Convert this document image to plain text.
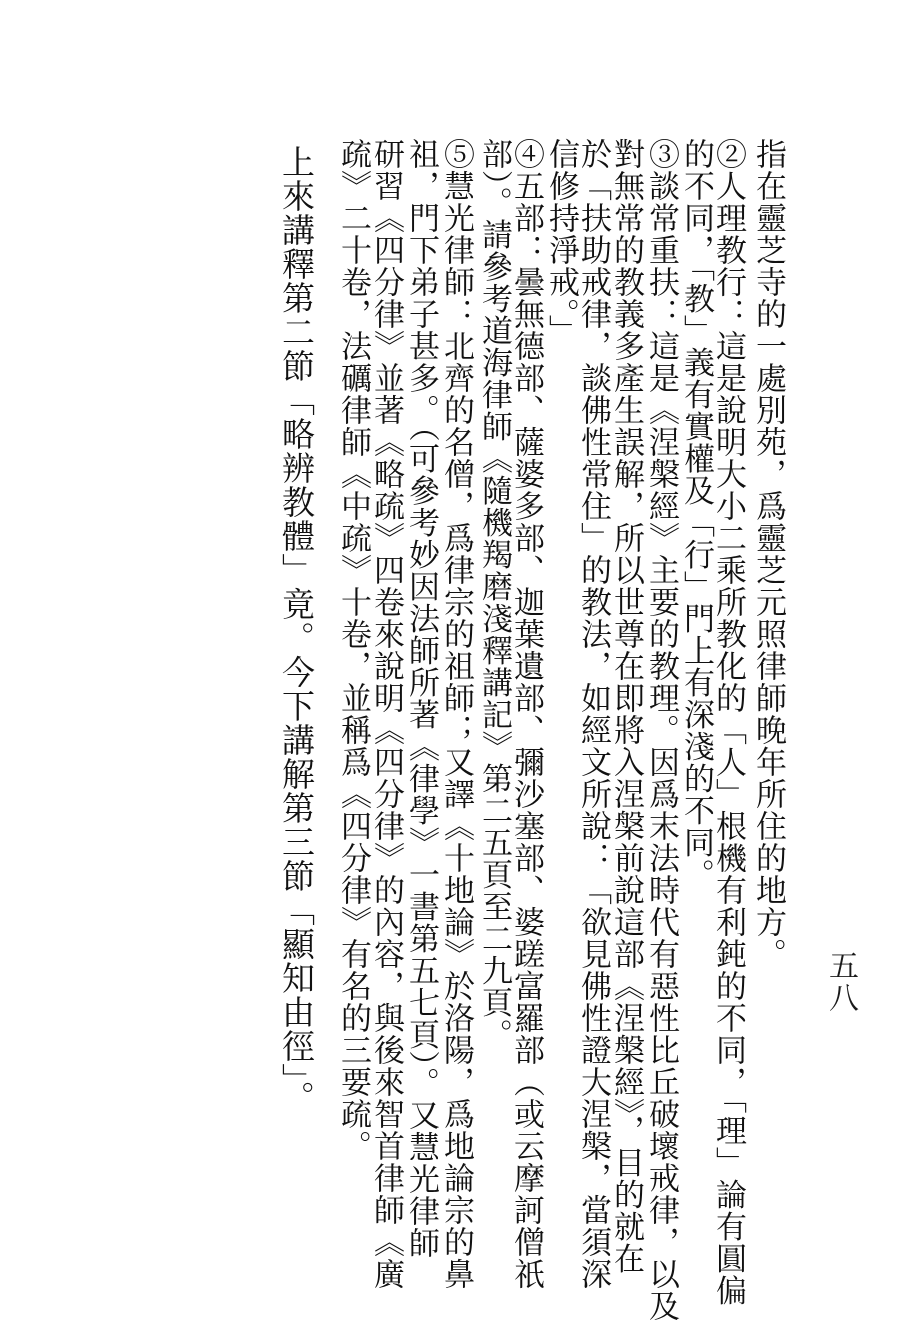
五八
指在靈芝寺的一處別苑，爲靈芝元照律師晚年所住的地方。
②人理教行：這是說明大小二乘所教化的「人」根機有利鈍的不同，「理」論有圓偏
的不同，「教」義有實權及「行」門上有深淺的不同。
③談常重扶：這是《涅槃經》主要的教理。因爲末法時代有惡性比丘破壞戒律，以及
對無常的教義多產生誤解，所以世尊在即將入涅槃前說這部《涅槃經》，目的就在
於「扶助戒律，談佛性常住」的教法，如經文所說：「欲見佛性證大涅槃，當須深
信修持淨戒。」
④五部：曇無德部、薩婆多部、迦葉遺部、彌沙塞部、婆蹉富羅部（或云摩訶僧祇
部）。請參考道海律師《隨機羯磨淺釋講記》第二五頁至二九頁。
⑤慧光律師：北齊的名僧，爲律宗的祖師；又譯《十地論》於洛陽，爲地論宗的鼻
祖，門下弟子甚多。（可參考妙因法師所著《律學》一書第五七頁）。又慧光律師
研習《四分律》並著《略疏》四卷來說明《四分律》的內容，與後來智首律師《廣
疏》二十卷，法礪律師《中疏》十卷，並稱爲《四分律》有名的三要疏。
上來講釋第二節「略辨教體」竟。今下講解第三節「顯知由徑」。
